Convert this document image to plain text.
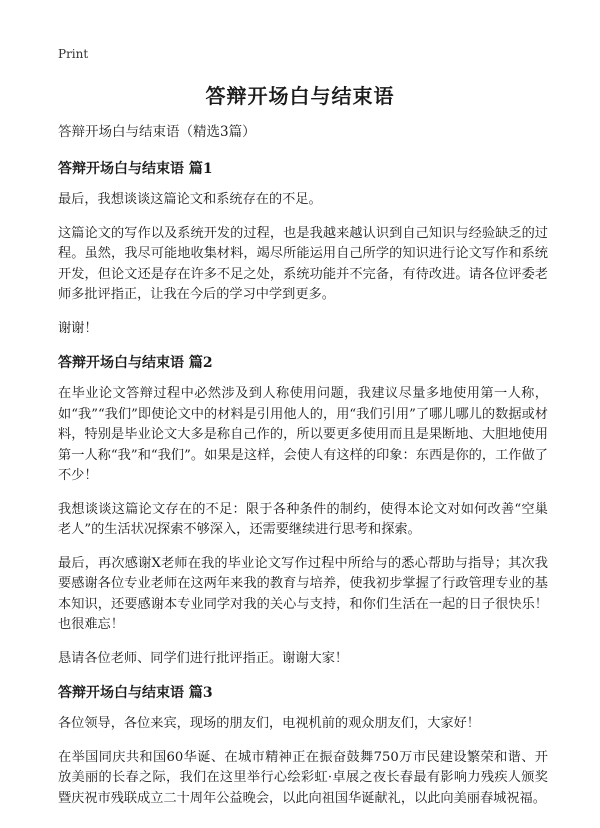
Print
答辩开场白与结束语
答辩开场白与结束语（精选3篇）
答辩开场白与结束语 篇1

最后，我想谈谈这篇论文和系统存在的不足。

这篇论文的写作以及系统开发的过程，也是我越来越认识到自己知识与经验缺乏的过程。虽然，我尽可能地收集材料，竭尽所能运用自己所学的知识进行论文写作和系统开发，但论文还是存在许多不足之处，系统功能并不完备，有待改进。请各位评委老师多批评指正，让我在今后的学习中学到更多。

谢谢！

答辩开场白与结束语 篇2

在毕业论文答辩过程中必然涉及到人称使用问题，我建议尽量多地使用第一人称，如“我”“我们”即使论文中的材料是引用他人的，用“我们引用”了哪儿哪儿的数据或材料，特别是毕业论文大多是称自己作的，所以要更多使用而且是果断地、大胆地使用第一人称“我”和“我们”。如果是这样，会使人有这样的印象：东西是你的，工作做了不少！

我想谈谈这篇论文存在的不足：限于各种条件的制约，使得本论文对如何改善“空巢老人”的生活状况探索不够深入，还需要继续进行思考和探索。

最后，再次感谢X老师在我的毕业论文写作过程中所给与的悉心帮助与指导；其次我要感谢各位专业老师在这两年来我的教育与培养，使我初步掌握了行政管理专业的基本知识，还要感谢本专业同学对我的关心与支持，和你们生活在一起的日子很快乐！也很难忘！

恳请各位老师、同学们进行批评指正。谢谢大家！

答辩开场白与结束语 篇3

各位领导，各位来宾，现场的朋友们，电视机前的观众朋友们，大家好！

在举国同庆共和国60华诞、在城市精神正在振奋鼓舞750万市民建设繁荣和谐、开放美丽的长春之际，我们在这里举行心绘彩虹·卓展之夜长春最有影响力残疾人颁奖暨庆祝市残联成立二十周年公益晚会，以此向祖国华诞献礼，以此向美丽春城祝福。
